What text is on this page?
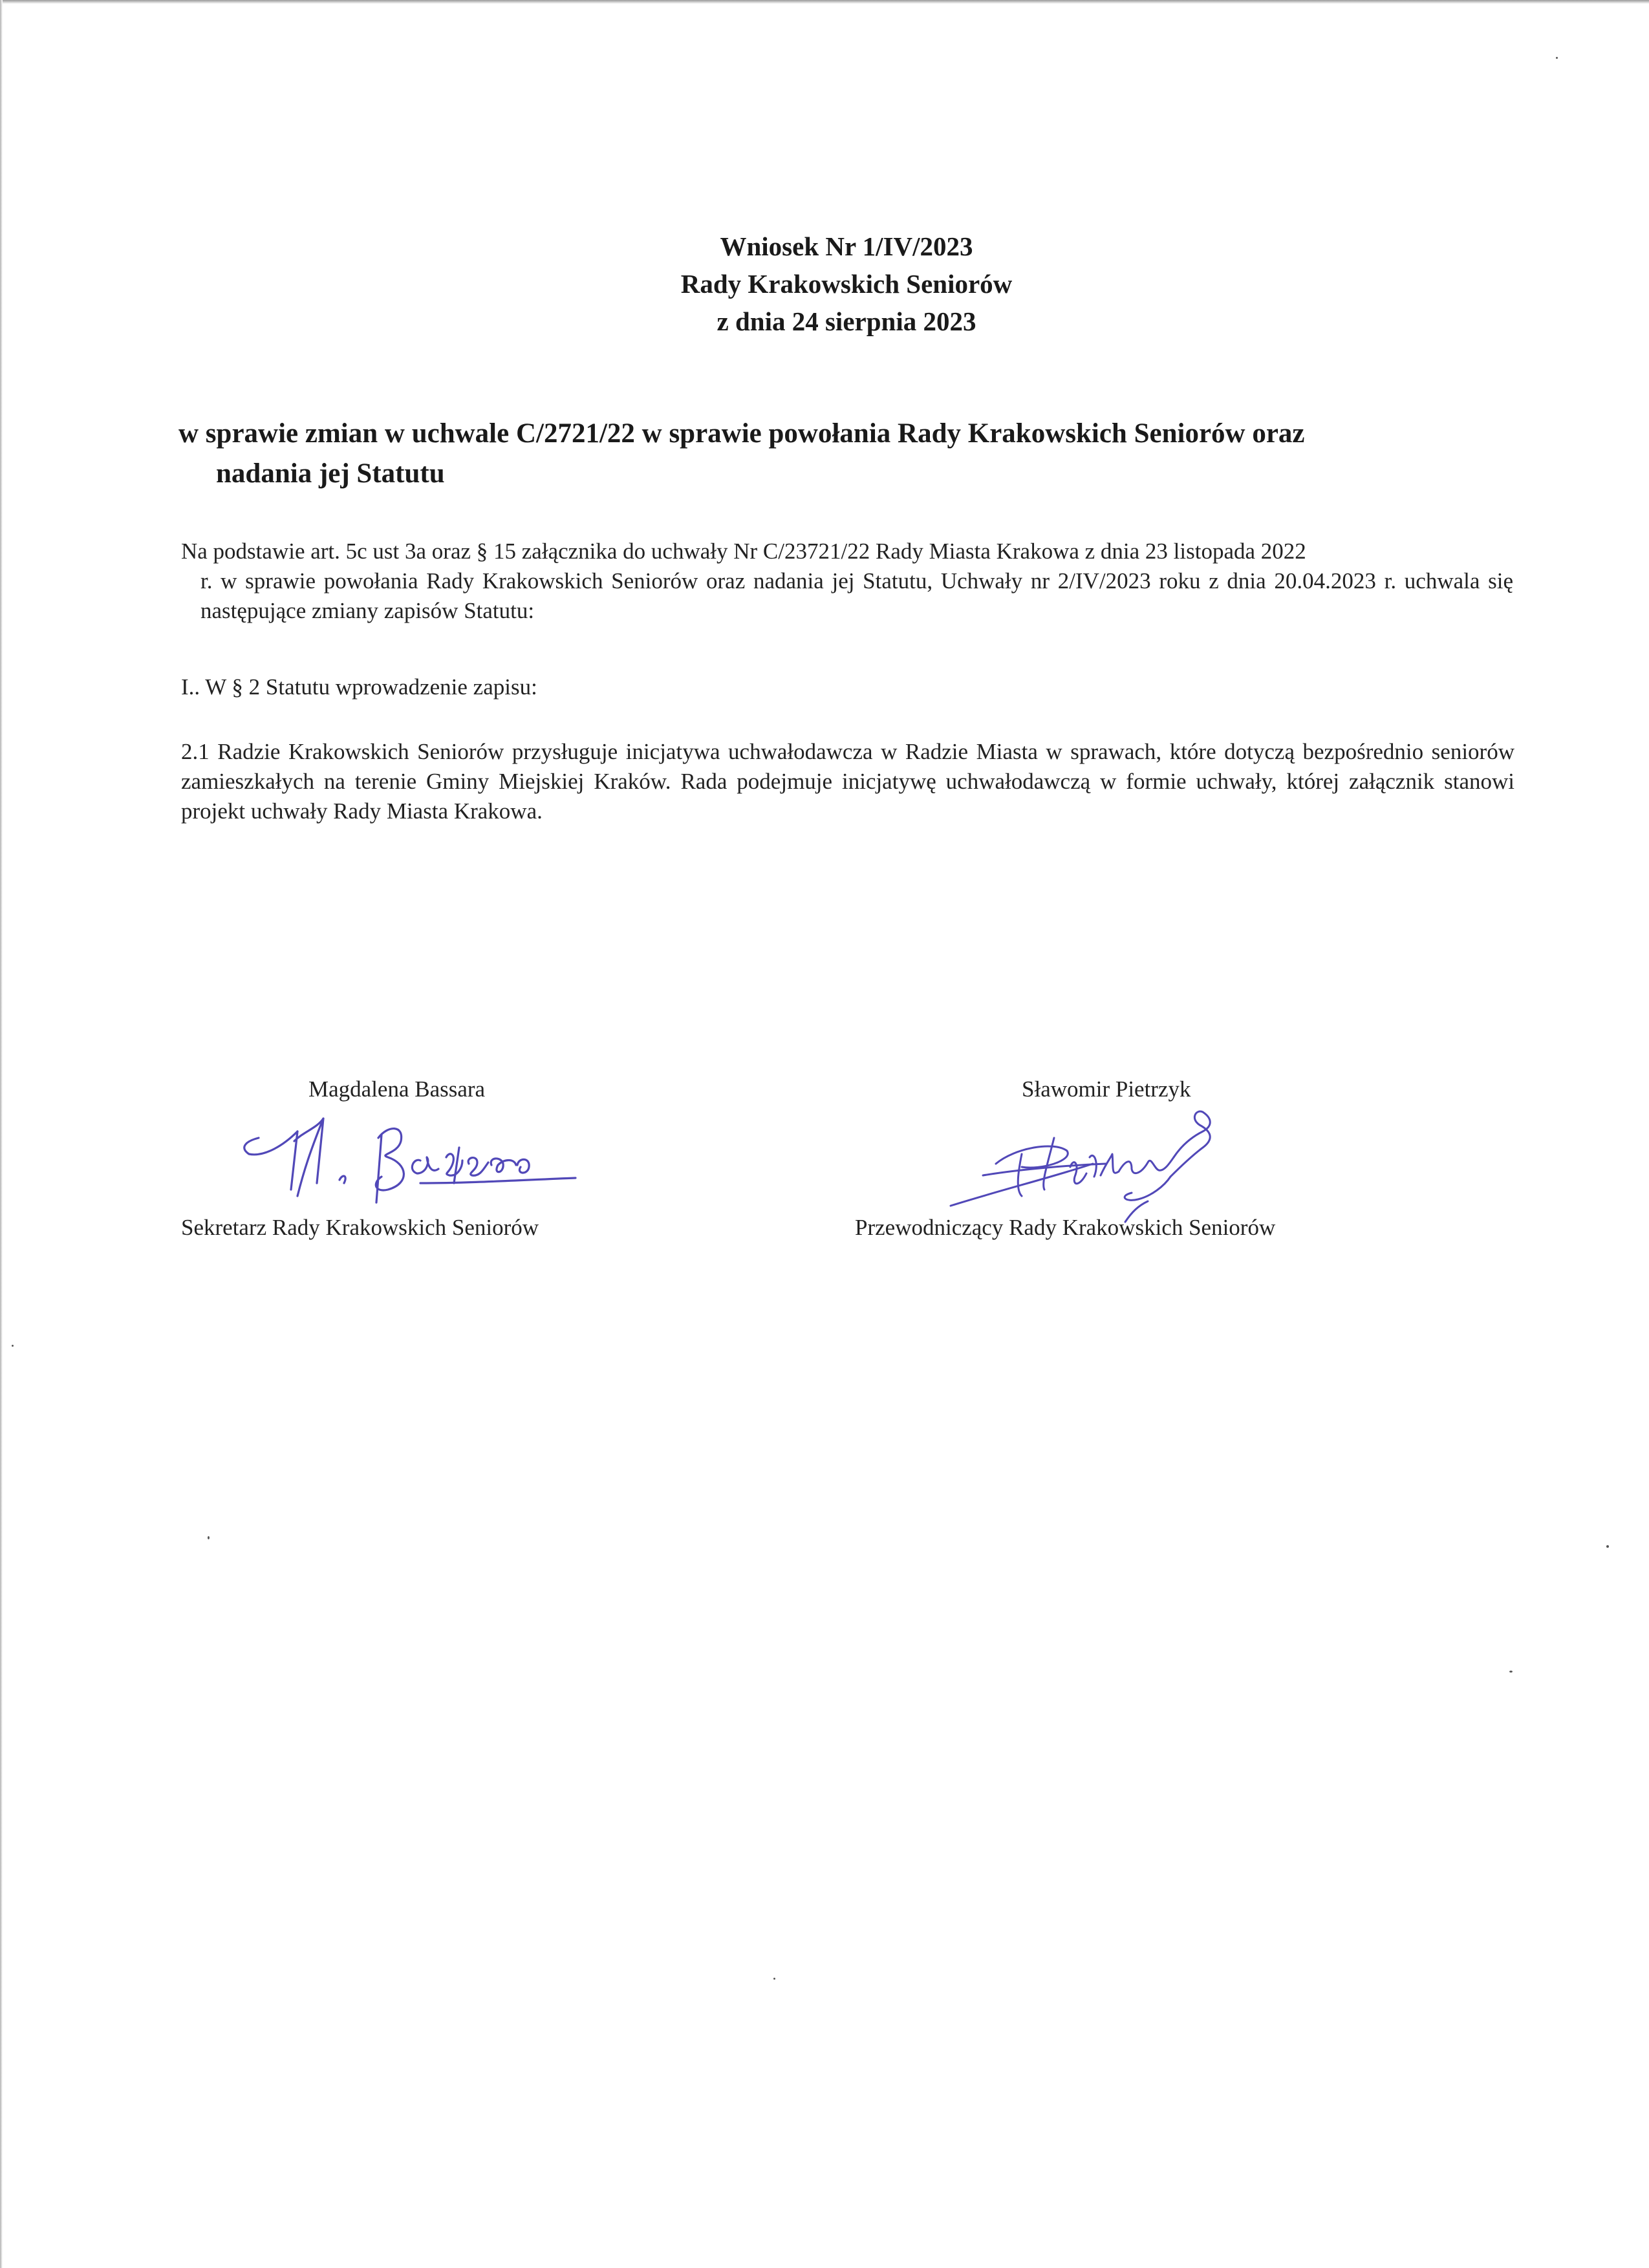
Wniosek Nr 1/IV/2023
Rady Krakowskich Seniorów
z dnia 24 sierpnia 2023
w sprawie zmian w uchwale C/2721/22 w sprawie powołania Rady Krakowskich Seniorów oraz
nadania jej Statutu
Na podstawie art. 5c ust 3a oraz § 15 załącznika do uchwały Nr C/23721/22 Rady Miasta Krakowa z dnia 23 listopada 2022
r. w sprawie powołania Rady Krakowskich Seniorów oraz nadania jej Statutu, Uchwały nr 2/IV/2023 roku z dnia 20.04.2023 r. uchwala się następujące zmiany zapisów Statutu:
I.. W § 2 Statutu wprowadzenie zapisu:
2.1 Radzie Krakowskich Seniorów przysługuje inicjatywa uchwałodawcza w Radzie Miasta w sprawach, które dotyczą bezpośrednio seniorów zamieszkałych na terenie Gminy Miejskiej Kraków. Rada podejmuje inicjatywę uchwałodawczą w formie uchwały, której załącznik stanowi projekt uchwały Rady Miasta Krakowa.
Magdalena Bassara
Sekretarz Rady Krakowskich Seniorów
Sławomir Pietrzyk
Przewodniczący Rady Krakowskich Seniorów
